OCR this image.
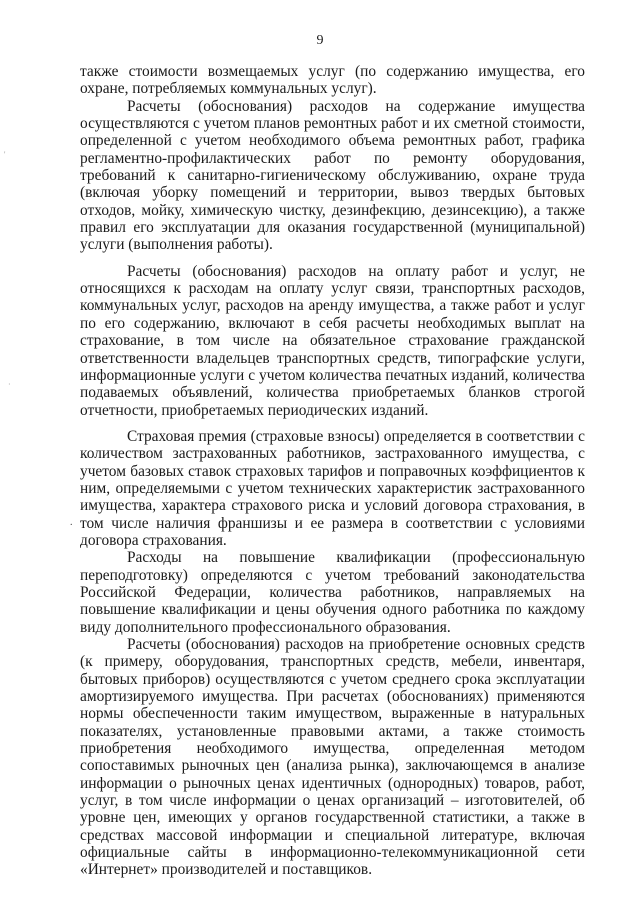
9
'
·
.

также стоимости возмещаемых услуг (по содержанию имущества, его охране, потребляемых коммунальных услуг).

Расчеты (обоснования) расходов на содержание имущества осуществляются с учетом планов ремонтных работ и их сметной стоимости, определенной с учетом необходимого объема ремонтных работ, графика регламентно-профилактических работ по ремонту оборудования, требований к санитарно-гигиеническому обслуживанию, охране труда (включая уборку помещений и территории, вывоз твердых бытовых отходов, мойку, химическую чистку, дезинфекцию, дезинсекцию), а также правил его эксплуатации для оказания государственной (муниципальной) услуги (выполнения работы).

Расчеты (обоснования) расходов на оплату работ и услуг, не относящихся к расходам на оплату услуг связи, транспортных расходов, коммунальных услуг, расходов на аренду имущества, а также работ и услуг по его содержанию, включают в себя расчеты необходимых выплат на страхование, в том числе на обязательное страхование гражданской ответственности владельцев транспортных средств, типографские услуги, информационные услуги с учетом количества печатных изданий, количества подаваемых объявлений, количества приобретаемых бланков строгой отчетности, приобретаемых периодических изданий.

Страховая премия (страховые взносы) определяется в соответствии с количеством застрахованных работников, застрахованного имущества, с учетом базовых ставок страховых тарифов и поправочных коэффициентов к ним, определяемыми с учетом технических характеристик застрахованного имущества, характера страхового риска и условий договора страхования, в том числе наличия франшизы и ее размера в соответствии с условиями договора страхования.

Расходы на повышение квалификации (профессиональную переподготовку) определяются с учетом требований законодательства Российской Федерации, количества работников, направляемых на повышение квалификации и цены обучения одного работника по каждому виду дополнительного профессионального образования.

Расчеты (обоснования) расходов на приобретение основных средств (к примеру, оборудования, транспортных средств, мебели, инвентаря, бытовых приборов) осуществляются с учетом среднего срока эксплуатации амортизируемого имущества. При расчетах (обоснованиях) применяются нормы обеспеченности таким имуществом, выраженные в натуральных показателях, установленные правовыми актами, а также стоимость приобретения необходимого имущества, определенная методом сопоставимых рыночных цен (анализа рынка), заключающемся в анализе информации о рыночных ценах идентичных (однородных) товаров, работ, услуг, в том числе информации о ценах организаций – изготовителей, об уровне цен, имеющих у органов государственной статистики, а также в средствах массовой информации и специальной литературе, включая официальные сайты в информационно-телекоммуникационной сети «Интернет» производителей и поставщиков.
